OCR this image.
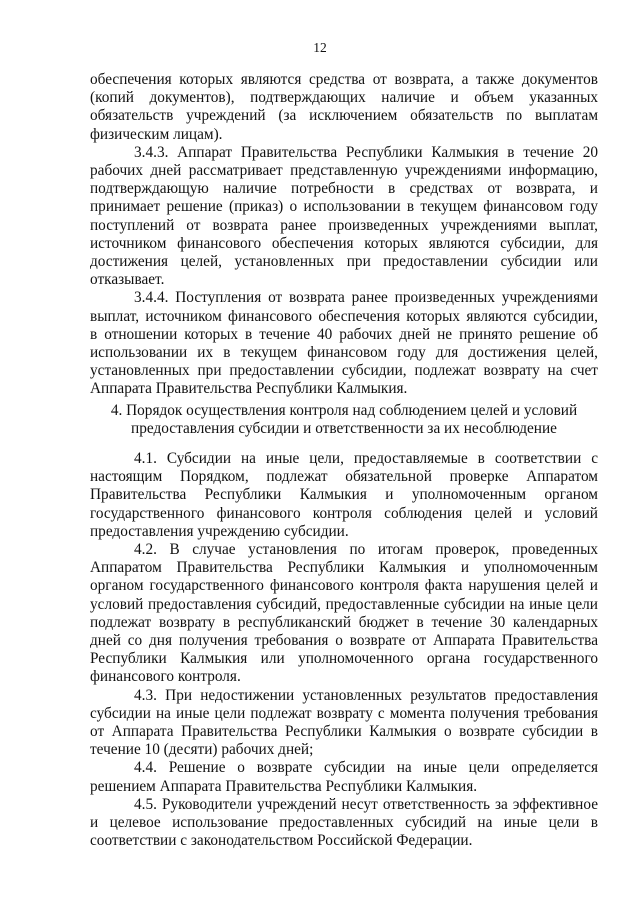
12
обеспечения которых являются средства от возврата, а также документов
(копий документов), подтверждающих наличие и объем указанных
обязательств учреждений (за исключением обязательств по выплатам
физическим лицам).
3.4.3. Аппарат Правительства Республики Калмыкия в течение 20
рабочих дней рассматривает представленную учреждениями информацию,
подтверждающую наличие потребности в средствах от возврата, и
принимает решение (приказ) о использовании в текущем финансовом году
поступлений от возврата ранее произведенных учреждениями выплат,
источником финансового обеспечения которых являются субсидии, для
достижения целей, установленных при предоставлении субсидии или
отказывает.
3.4.4. Поступления от возврата ранее произведенных учреждениями
выплат, источником финансового обеспечения которых являются субсидии,
в отношении которых в течение 40 рабочих дней не принято решение об
использовании их в текущем финансовом году для достижения целей,
установленных при предоставлении субсидии, подлежат возврату на счет
Аппарата Правительства Республики Калмыкия.
4. Порядок осуществления контроля над соблюдением целей и условий
предоставления субсидии и ответственности за их несоблюдение
4.1. Субсидии на иные цели, предоставляемые в соответствии с
настоящим Порядком, подлежат обязательной проверке Аппаратом
Правительства Республики Калмыкия и уполномоченным органом
государственного финансового контроля соблюдения целей и условий
предоставления учреждению субсидии.
4.2. В случае установления по итогам проверок, проведенных
Аппаратом Правительства Республики Калмыкия и уполномоченным
органом государственного финансового контроля факта нарушения целей и
условий предоставления субсидий, предоставленные субсидии на иные цели
подлежат возврату в республиканский бюджет в течение 30 календарных
дней со дня получения требования о возврате от Аппарата Правительства
Республики Калмыкия или уполномоченного органа государственного
финансового контроля.
4.3. При недостижении установленных результатов предоставления
субсидии на иные цели подлежат возврату с момента получения требования
от Аппарата Правительства Республики Калмыкия о возврате субсидии в
течение 10 (десяти) рабочих дней;
4.4. Решение о возврате субсидии на иные цели определяется
решением Аппарата Правительства Республики Калмыкия.
4.5. Руководители учреждений несут ответственность за эффективное
и целевое использование предоставленных субсидий на иные цели в
соответствии с законодательством Российской Федерации.
